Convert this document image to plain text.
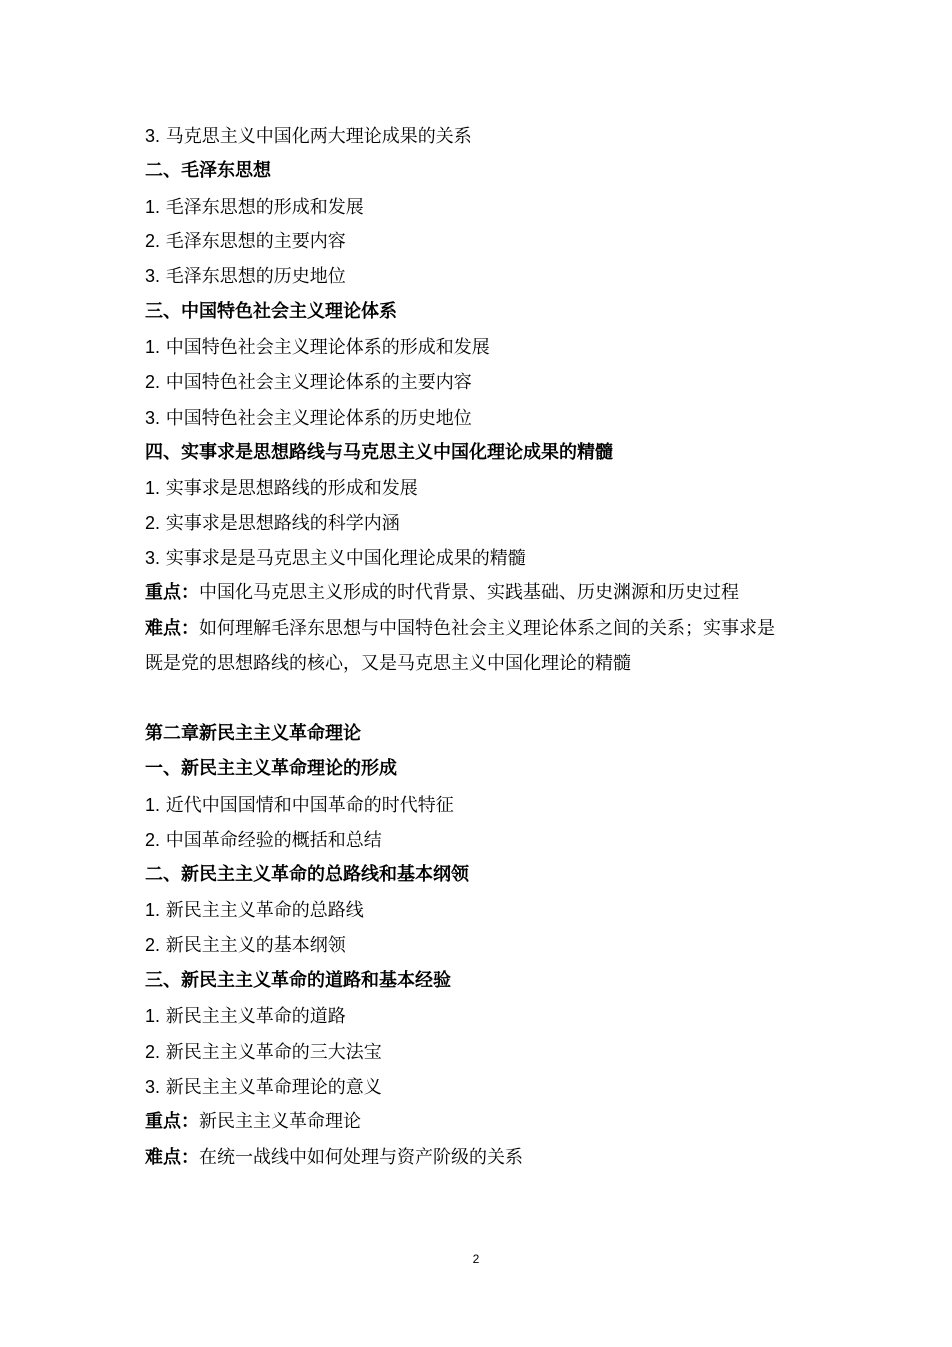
3. 马克思主义中国化两大理论成果的关系
二、毛泽东思想
1. 毛泽东思想的形成和发展
2. 毛泽东思想的主要内容
3. 毛泽东思想的历史地位
三、中国特色社会主义理论体系
1. 中国特色社会主义理论体系的形成和发展
2. 中国特色社会主义理论体系的主要内容
3. 中国特色社会主义理论体系的历史地位
四、实事求是思想路线与马克思主义中国化理论成果的精髓
1. 实事求是思想路线的形成和发展
2. 实事求是思想路线的科学内涵
3. 实事求是是马克思主义中国化理论成果的精髓
重点：中国化马克思主义形成的时代背景、实践基础、历史渊源和历史过程
难点：如何理解毛泽东思想与中国特色社会主义理论体系之间的关系；实事求是
既是党的思想路线的核心，又是马克思主义中国化理论的精髓
第二章新民主主义革命理论
一、新民主主义革命理论的形成
1. 近代中国国情和中国革命的时代特征
2. 中国革命经验的概括和总结
二、新民主主义革命的总路线和基本纲领
1. 新民主主义革命的总路线
2. 新民主主义的基本纲领
三、新民主主义革命的道路和基本经验
1. 新民主主义革命的道路
2. 新民主主义革命的三大法宝
3. 新民主主义革命理论的意义
重点：新民主主义革命理论
难点：在统一战线中如何处理与资产阶级的关系
2
